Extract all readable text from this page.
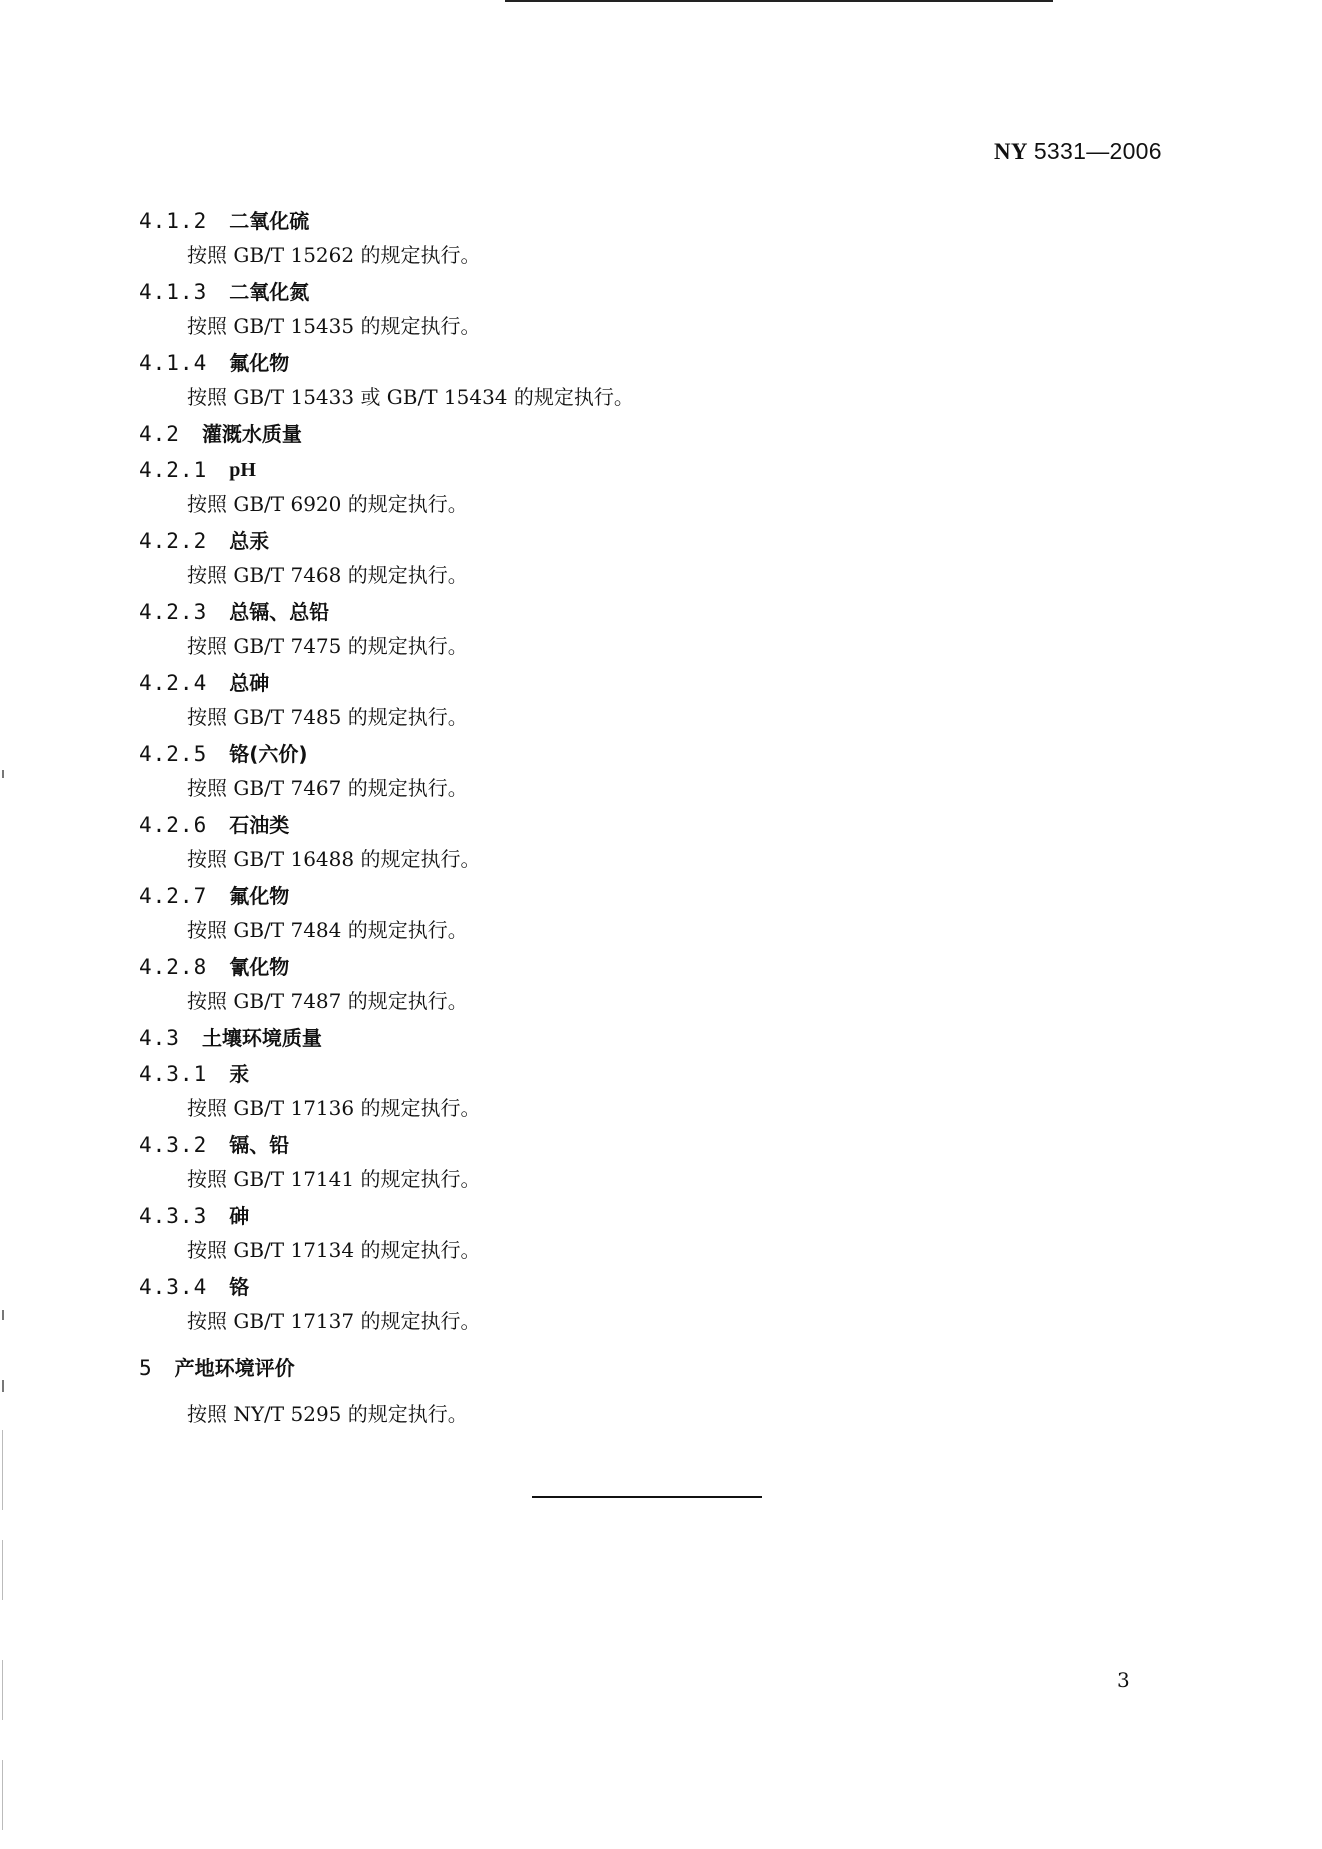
NY 5331—2006
4.1.2 二氧化硫
按照 GB/T 15262 的规定执行。
4.1.3 二氧化氮
按照 GB/T 15435 的规定执行。
4.1.4 氟化物
按照 GB/T 15433 或 GB/T 15434 的规定执行。
4.2 灌溉水质量
4.2.1 pH
按照 GB/T 6920 的规定执行。
4.2.2 总汞
按照 GB/T 7468 的规定执行。
4.2.3 总镉、总铅
按照 GB/T 7475 的规定执行。
4.2.4 总砷
按照 GB/T 7485 的规定执行。
4.2.5 铬(六价)
按照 GB/T 7467 的规定执行。
4.2.6 石油类
按照 GB/T 16488 的规定执行。
4.2.7 氟化物
按照 GB/T 7484 的规定执行。
4.2.8 氰化物
按照 GB/T 7487 的规定执行。
4.3 土壤环境质量
4.3.1 汞
按照 GB/T 17136 的规定执行。
4.3.2 镉、铅
按照 GB/T 17141 的规定执行。
4.3.3 砷
按照 GB/T 17134 的规定执行。
4.3.4 铬
按照 GB/T 17137 的规定执行。
5 产地环境评价
按照 NY/T 5295 的规定执行。
3
